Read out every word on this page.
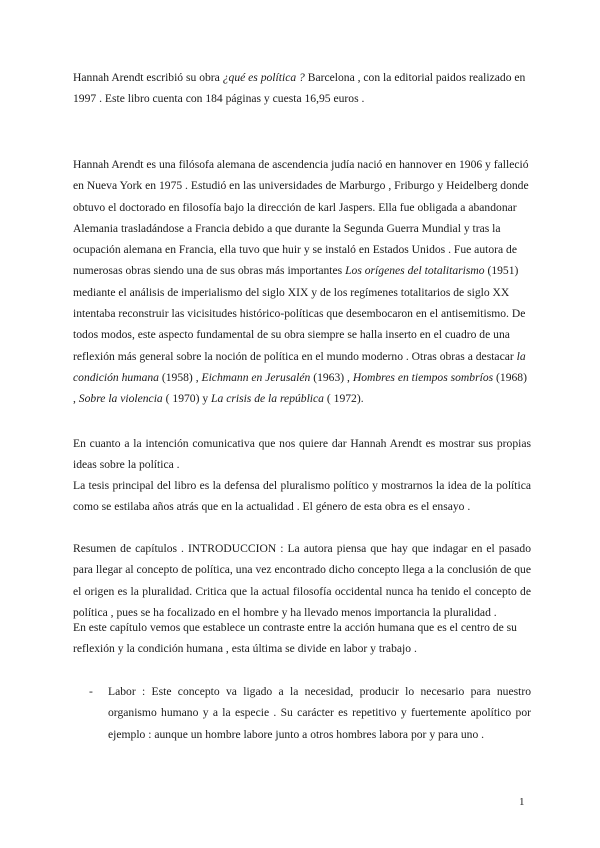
Hannah Arendt escribió su obra ¿qué es política ? Barcelona , con la editorial paidos realizado en 1997 . Este libro cuenta con 184 páginas y cuesta 16,95 euros .

Hannah Arendt es una filósofa alemana de ascendencia judía nació en hannover en 1906 y falleció en Nueva York en 1975 . Estudió en las universidades de Marburgo , Friburgo y Heidelberg donde obtuvo el doctorado en filosofía bajo la dirección de karl Jaspers. Ella fue obligada a abandonar Alemania trasladándose a Francia debido a que durante la Segunda Guerra Mundial y tras la ocupación alemana en Francia, ella tuvo que huir y se instaló en Estados Unidos . Fue autora de numerosas obras siendo una de sus obras más importantes Los orígenes del totalitarismo (1951) mediante el análisis de imperialismo del siglo XIX y de los regímenes totalitarios de siglo XX intentaba reconstruir las vicisitudes histórico-políticas que desembocaron en el antisemitismo. De todos modos, este aspecto fundamental de su obra siempre se halla inserto en el cuadro de una reflexión más general sobre la noción de política en el mundo moderno . Otras obras a destacar la condición humana (1958) , Eichmann en Jerusalén (1963) , Hombres en tiempos sombríos (1968) , Sobre la violencia ( 1970) y La crisis de la república ( 1972).

En cuanto a la intención comunicativa que nos quiere dar Hannah Arendt es mostrar sus propias ideas sobre la política .

La tesis principal del libro es la defensa del pluralismo político y mostrarnos la idea de la política como se estilaba años atrás que en la actualidad . El género de esta obra es el ensayo .

Resumen de capítulos . INTRODUCCION : La autora piensa que hay que indagar en el pasado para llegar al concepto de política, una vez encontrado dicho concepto llega a la conclusión de que el origen es la pluralidad. Critica que la actual filosofía occidental nunca ha tenido el concepto de política , pues se ha focalizado en el hombre y ha llevado menos importancia la pluralidad .

En este capítulo vemos que establece un contraste entre la acción humana que es el centro de su reflexión y la condición humana , esta última se divide en labor y trabajo .

- Labor : Este concepto va ligado a la necesidad, producir lo necesario para nuestro organismo humano y a la especie . Su carácter es repetitivo y fuertemente apolítico por ejemplo : aunque un hombre labore junto a otros hombres labora por y para uno .

1
